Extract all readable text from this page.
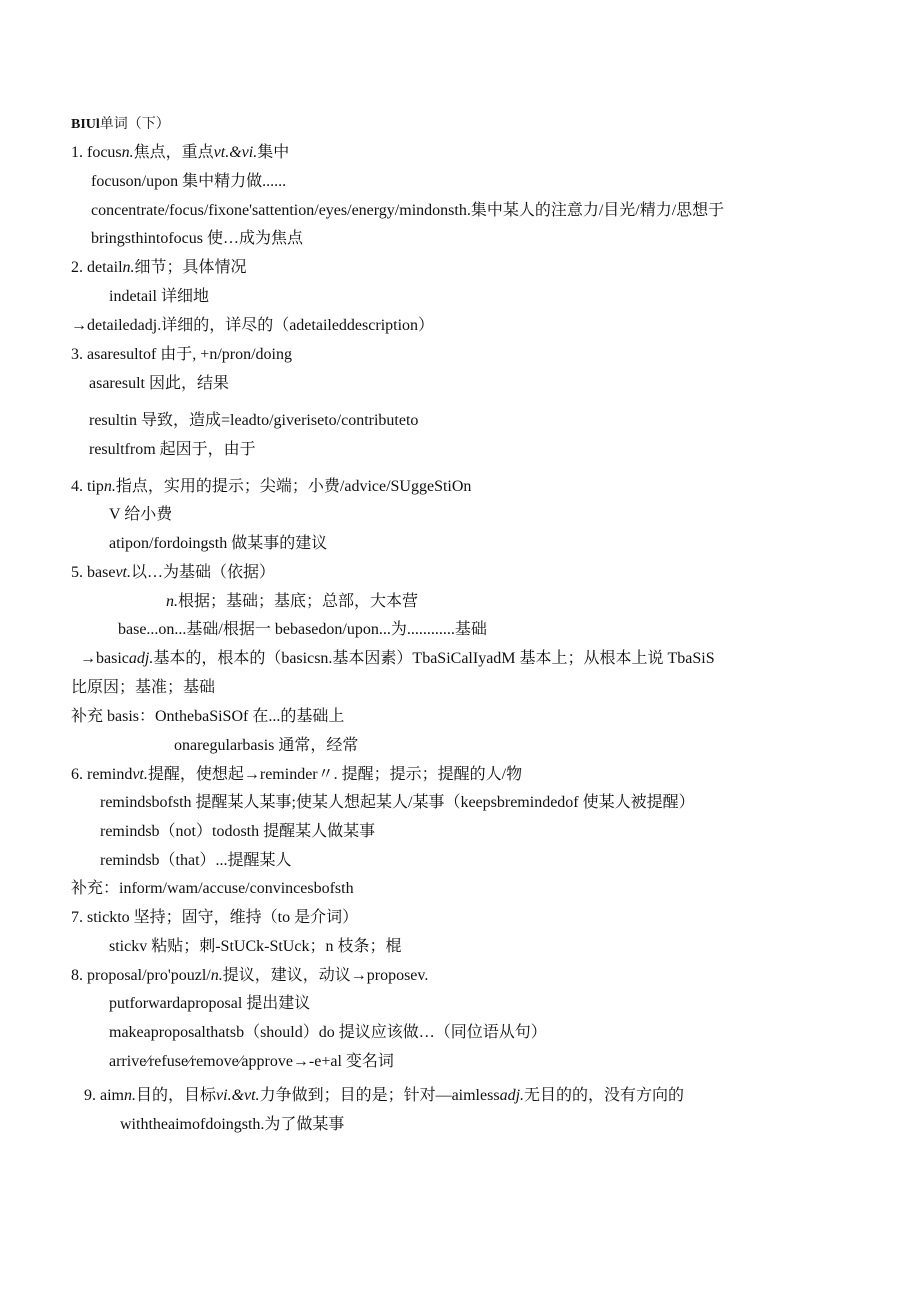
BIUl单词（下）
1. focusn.焦点，重点vt.&vi.集中
focuson/upon 集中精力做......
concentrate/focus/fixone'sattention/eyes/energy/mindonsth.集中某人的注意力/目光/精力/思想于
bringsthintofocus 使…成为焦点
2. detailn.细节；具体情况
indetail 详细地
→detailedadj.详细的，详尽的（adetaileddescription）
3. asaresultof 由于, +n/pron/doing
asaresult 因此，结果
resultin 导致，造成=leadto/giveriseto/contributeto
resultfrom 起因于，由于
4. tipn.指点，实用的提示；尖端；小费/advice/SUggeStiOn
V 给小费
atipon/fordoingsth 做某事的建议
5. basevt.以…为基础（依据）
n.根据；基础；基底；总部，大本营
base...on...基础/根据一 bebasedon/upon...为............基础
→basicadj.基本的，根本的（basicsn.基本因素）TbaSiCalIyadM 基本上；从根本上说 TbaSiS
比原因；基准；基础
补充 basis：OnthebaSiSOf 在...的基础上
onaregularbasis 通常，经常
6. remindvt.提醒，使想起→reminder〃. 提醒；提示；提醒的人/物
remindsbofsth 提醒某人某事;使某人想起某人/某事（keepsbremindedof 使某人被提醒）
remindsb（not）todosth 提醒某人做某事
remindsb（that）...提醒某人
补充：inform/wam/accuse/convincesbofsth
7. stickto 坚持；固守，维持（to 是介词）
stickv 粘贴；刺-StUCk-StUck；n 枝条；棍
8. proposal/pro'pouzl/n.提议，建议，动议→proposev.
putforwardaproposal 提出建议
makeaproposalthatsb（should）do 提议应该做…（同位语从句）
arrive⁄refuse⁄remove⁄approve→-e+al 变名词
9. aimn.目的，目标vi.&vt.力争做到；目的是；针对—aimlessadj.无目的的，没有方向的
withtheaimofdoingsth.为了做某事
